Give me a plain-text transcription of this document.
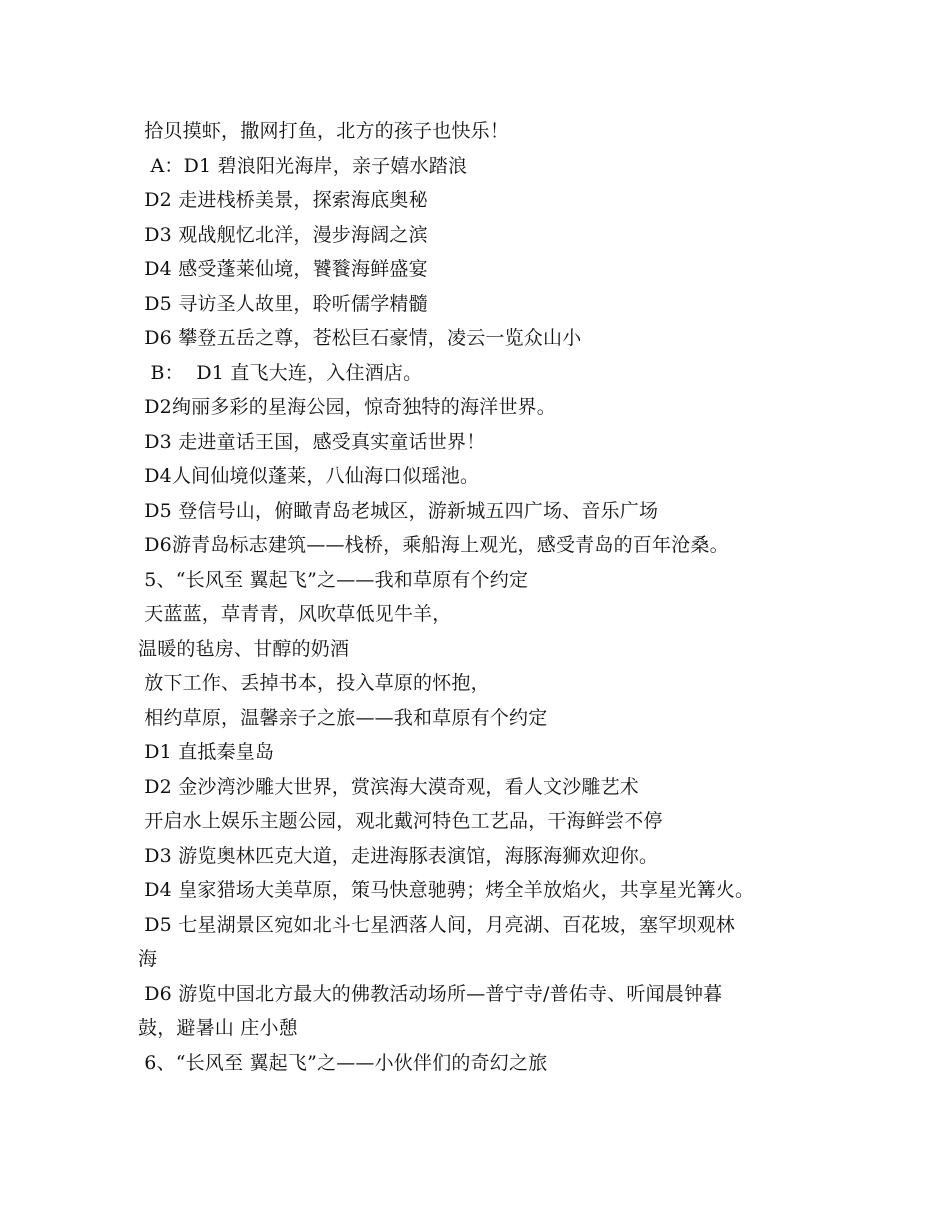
拾贝摸虾，撒网打鱼，北方的孩子也快乐！
A：D1 碧浪阳光海岸，亲子嬉水踏浪
D2 走进栈桥美景，探索海底奥秘
D3 观战舰忆北洋，漫步海阔之滨
D4 感受蓬莱仙境，饕餮海鲜盛宴
D5 寻访圣人故里，聆听儒学精髓
D6 攀登五岳之尊，苍松巨石豪情，凌云一览众山小
B：  D1 直飞大连，入住酒店。
D2绚丽多彩的星海公园，惊奇独特的海洋世界。
D3 走进童话王国，感受真实童话世界！
D4人间仙境似蓬莱，八仙海口似瑶池。
D5 登信号山，俯瞰青岛老城区，游新城五四广场、音乐广场
D6游青岛标志建筑——栈桥，乘船海上观光，感受青岛的百年沧桑。
5、“长风至 翼起飞”之——我和草原有个约定
天蓝蓝，草青青，风吹草低见牛羊，
温暖的毡房、甘醇的奶酒
放下工作、丢掉书本，投入草原的怀抱，
相约草原，温馨亲子之旅——我和草原有个约定
D1 直抵秦皇岛
D2 金沙湾沙雕大世界，赏滨海大漠奇观，看人文沙雕艺术
开启水上娱乐主题公园，观北戴河特色工艺品，干海鲜尝不停
D3 游览奥林匹克大道，走进海豚表演馆，海豚海狮欢迎你。
D4 皇家猎场大美草原，策马快意驰骋；烤全羊放焰火，共享星光篝火。
D5 七星湖景区宛如北斗七星洒落人间，月亮湖、百花坡，塞罕坝观林
海
D6 游览中国北方最大的佛教活动场所—普宁寺/普佑寺、听闻晨钟暮
鼓，避暑山 庄小憩
6、“长风至 翼起飞”之——小伙伴们的奇幻之旅
